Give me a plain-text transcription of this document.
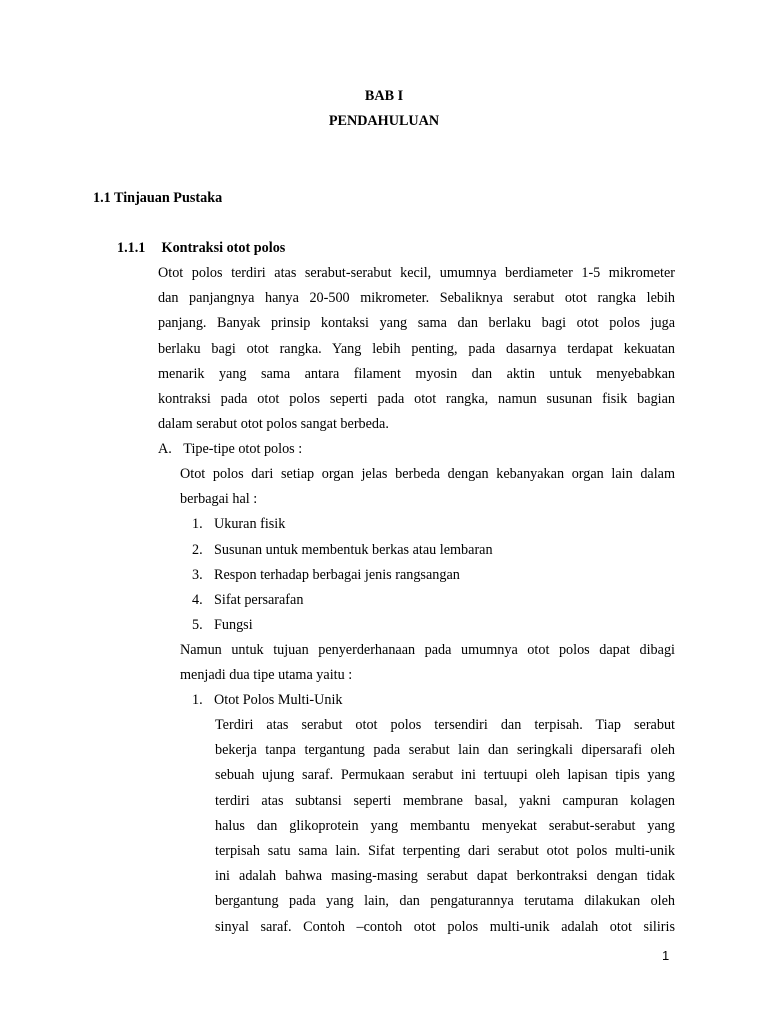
BAB I
PENDAHULUAN
1.1 Tinjauan Pustaka
1.1.1 Kontraksi otot polos
Otot polos terdiri atas serabut-serabut kecil, umumnya berdiameter 1-5 mikrometer
dan panjangnya hanya 20-500 mikrometer. Sebaliknya serabut otot rangka lebih
panjang. Banyak prinsip kontaksi yang sama dan berlaku bagi otot polos juga
berlaku bagi otot rangka. Yang lebih penting, pada dasarnya terdapat kekuatan
menarik yang sama antara filament myosin dan aktin untuk menyebabkan
kontraksi pada otot polos seperti pada otot rangka, namun susunan fisik bagian
dalam serabut otot polos sangat berbeda.
A. Tipe-tipe otot polos :
Otot polos dari setiap organ jelas berbeda dengan kebanyakan organ lain dalam
berbagai hal :
1. Ukuran fisik
2. Susunan untuk membentuk berkas atau lembaran
3. Respon terhadap berbagai jenis rangsangan
4. Sifat persarafan
5. Fungsi
Namun untuk tujuan penyerderhanaan pada umumnya otot polos dapat dibagi
menjadi dua tipe utama yaitu :
1. Otot Polos Multi-Unik
Terdiri atas serabut otot polos tersendiri dan terpisah. Tiap serabut
bekerja tanpa tergantung pada serabut lain dan seringkali dipersarafi oleh
sebuah ujung saraf. Permukaan serabut ini tertuupi oleh lapisan tipis yang
terdiri atas subtansi seperti membrane basal, yakni campuran kolagen
halus dan glikoprotein yang membantu menyekat serabut-serabut yang
terpisah satu sama lain. Sifat terpenting dari serabut otot polos multi-unik
ini adalah bahwa masing-masing serabut dapat berkontraksi dengan tidak
bergantung pada yang lain, dan pengaturannya terutama dilakukan oleh
sinyal saraf. Contoh –contoh otot polos multi-unik adalah otot siliris
1
